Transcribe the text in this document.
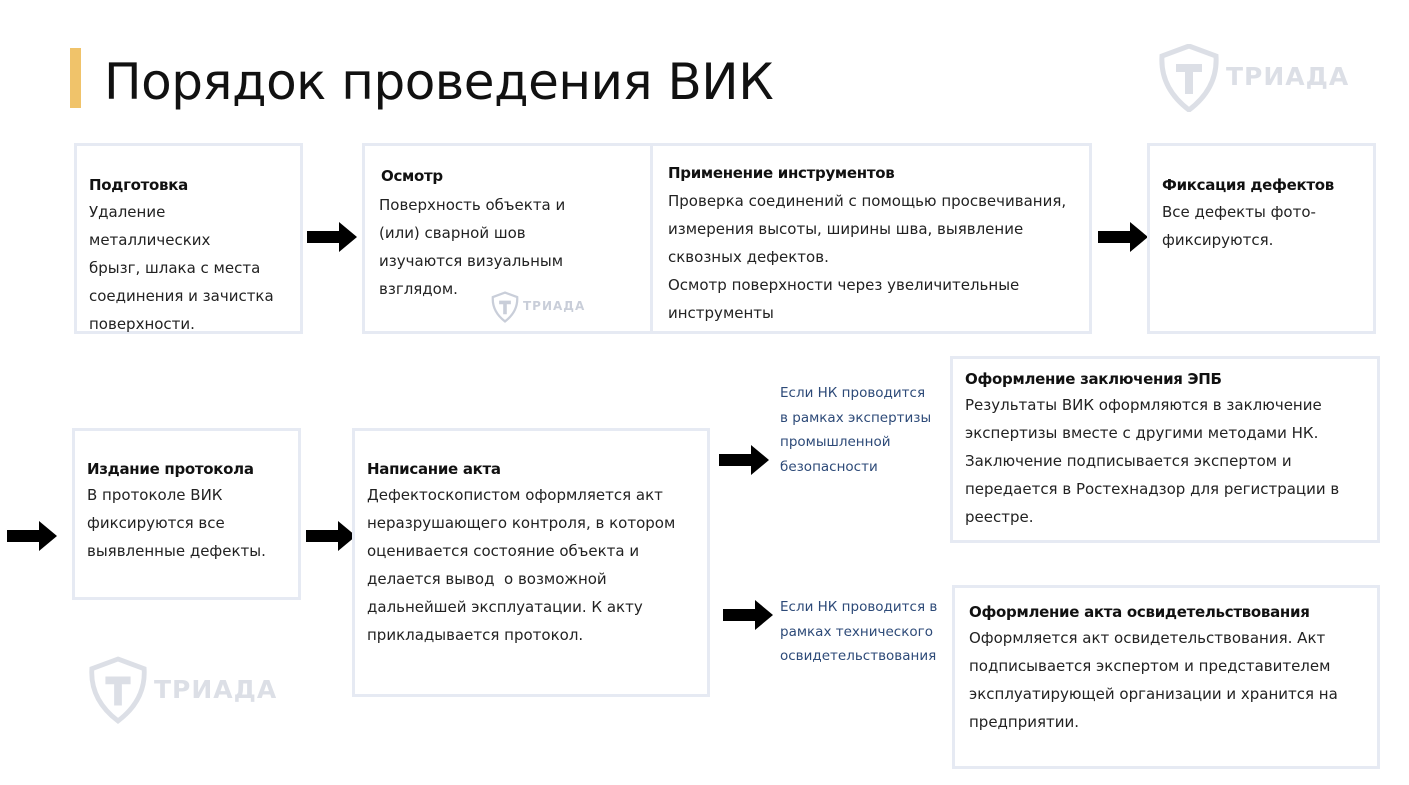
Порядок проведения ВИК	ТРИАДА
ТРИАДА
Подготовка
Удаление металлических
брызг, шлака с места
соединения и зачистка
поверхности.
Осмотр
Поверхность объекта и
(или) сварной шов
изучаются визуальным
взглядом.
ТРИАДА
Применение инструментов
Проверка соединений с помощью просвечивания,
измерения высоты, ширины шва, выявление
сквозных дефектов.
Осмотр поверхности через увеличительные
инструменты
Фиксация дефектов
Все дефекты фото-
фиксируются.
Издание протокола
В протоколе ВИК
фиксируются все
выявленные дефекты.
Написание акта
Дефектоскопистом оформляется акт
неразрушающего контроля, в котором
оценивается состояние объекта и
делается вывод  о возможной
дальнейшей эксплуатации. К акту
прикладывается протокол.
Если НК проводится
в рамках экспертизы
промышленной
безопасности
Оформление заключения ЭПБ
Результаты ВИК оформляются в заключение
экспертизы вместе с другими методами НК.
Заключение подписывается экспертом и
передается в Ростехнадзор для регистрации в
реестре.
Если НК проводится в
рамках технического
освидетельствования
Оформление акта освидетельствования
Оформляется акт освидетельствования. Акт
подписывается экспертом и представителем
эксплуатирующей организации и хранится на
предприятии.
